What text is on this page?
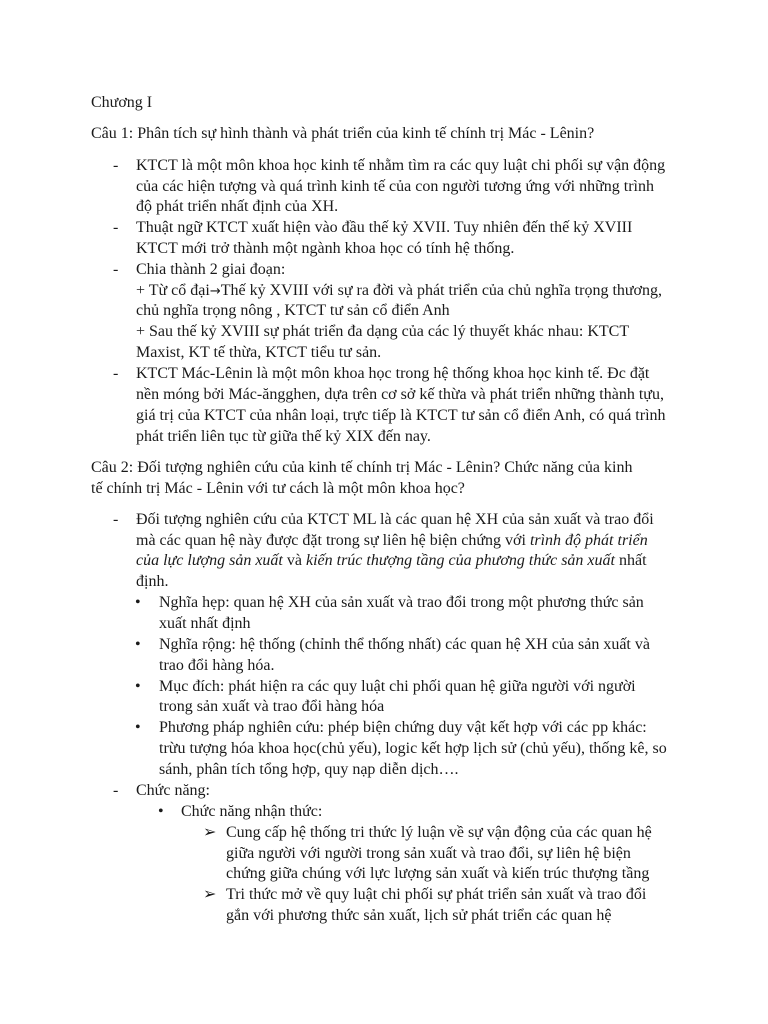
Chương I
Câu 1: Phân tích sự hình thành và phát triển của kinh tế chính trị Mác - Lênin?
- KTCT là một môn khoa học kinh tế nhằm tìm ra các quy luật chi phối sự vận động
của các hiện tượng và quá trình kinh tế của con người tương ứng với những trình
độ phát triển nhất định của XH.
- Thuật ngữ KTCT xuất hiện vào đầu thế kỷ XVII. Tuy nhiên đến thế kỷ XVIII
KTCT mới trở thành một ngành khoa học có tính hệ thống.
- Chia thành 2 giai đoạn:
+ Từ cổ đại→Thế kỷ XVIII với sự ra đời và phát triển của chủ nghĩa trọng thương,
chủ nghĩa trọng nông , KTCT tư sản cổ điển Anh
+ Sau thế kỷ XVIII sự phát triển đa dạng của các lý thuyết khác nhau: KTCT
Maxist, KT tế thừa, KTCT tiểu tư sản.
- KTCT Mác-Lênin là một môn khoa học trong hệ thống khoa học kinh tế. Đc đặt
nền móng bởi Mác-ăngghen, dựa trên cơ sở kế thừa và phát triển những thành tựu,
giá trị của KTCT của nhân loại, trực tiếp là KTCT tư sản cổ điển Anh, có quá trình
phát triển liên tục từ giữa thế kỷ XIX đến nay.
Câu 2: Đối tượng nghiên cứu của kinh tế chính trị Mác - Lênin? Chức năng của kinh
tế chính trị Mác - Lênin với tư cách là một môn khoa học?
- Đối tượng nghiên cứu của KTCT ML là các quan hệ XH của sản xuất và trao đổi
mà các quan hệ này được đặt trong sự liên hệ biện chứng với trình độ phát triển
của lực lượng sản xuất và kiến trúc thượng tầng của phương thức sản xuất nhất
định.
• Nghĩa hẹp: quan hệ XH của sản xuất và trao đổi trong một phương thức sản
xuất nhất định
• Nghĩa rộng: hệ thống (chỉnh thể thống nhất) các quan hệ XH của sản xuất và
trao đổi hàng hóa.
• Mục đích: phát hiện ra các quy luật chi phối quan hệ giữa người với người
trong sản xuất và trao đổi hàng hóa
• Phương pháp nghiên cứu: phép biện chứng duy vật kết hợp với các pp khác:
trừu tượng hóa khoa học(chủ yếu), logic kết hợp lịch sử (chủ yếu), thống kê, so
sánh, phân tích tổng hợp, quy nạp diễn dịch….
- Chức năng:
• Chức năng nhận thức:
➢ Cung cấp hệ thống tri thức lý luận về sự vận động của các quan hệ
giữa người với người trong sản xuất và trao đổi, sự liên hệ biện
chứng giữa chúng với lực lượng sản xuất và kiến trúc thượng tầng
➢ Tri thức mở về quy luật chi phối sự phát triển sản xuất và trao đổi
gắn với phương thức sản xuất, lịch sử phát triển các quan hệ
